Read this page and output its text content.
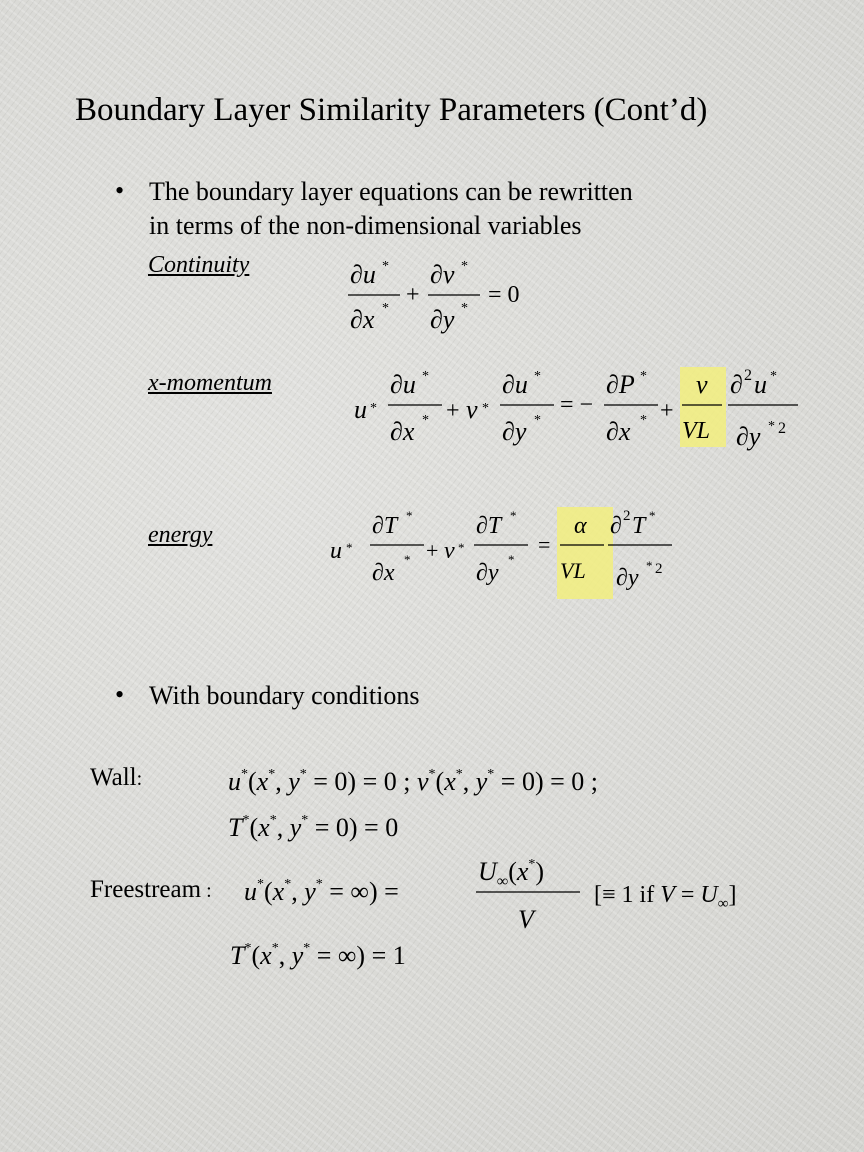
Boundary Layer Similarity Parameters (Cont’d)
• The boundary layer equations can be rewritten
in terms of the non-dimensional variables
Continuity	∂u *
∂x *
+
∂v *
∂y *
= 0
x-momentum
u *
∂u *
∂x * + v *
∂u *
∂y *
= −
∂P *
∂x * +
ν
VL
∂ 2 u *
∂y * 2
energy
u *
∂T *
∂x
* + v *
∂T *
∂y
*
=
α
VL
∂ 2 T *
∂y * 2
• With boundary conditions
Wall:	u*(x*, y* = 0) = 0 ; v*(x*, y* = 0) = 0 ;
T*(x*, y* = 0) = 0
Freestream : u*(x*, y* = ∞) =
$U_\infty(x^*)$
V
[≡ 1 if $V = U_\infty$]
T*(x*, y* = ∞) = 1
